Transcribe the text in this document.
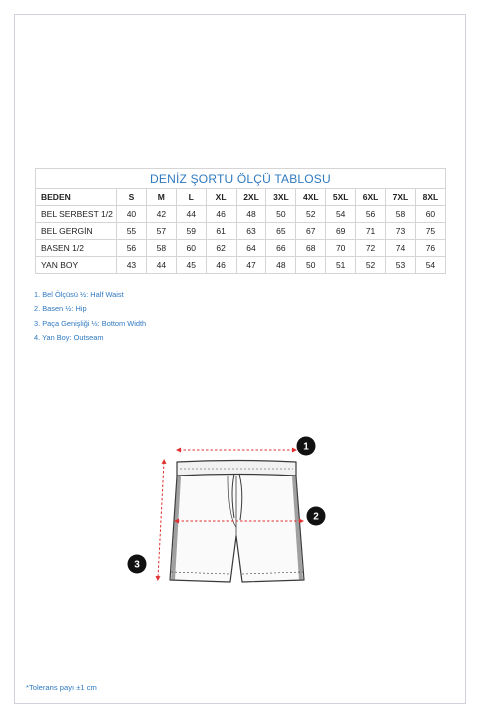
DENİZ ŞORTU ÖLÇÜ TABLOSU											
BEDEN	S	M	L	XL	2XL	3XL	4XL	5XL	6XL	7XL	8XL
BEL SERBEST 1/2	40	42	44	46	48	50	52	54	56	58	60
BEL GERGİN	55	57	59	61	63	65	67	69	71	73	75
BASEN 1/2	56	58	60	62	64	66	68	70	72	74	76
YAN BOY	43	44	45	46	47	48	50	51	52	53	54
1. Bel Ölçüsü ½: Half Waist
2. Basen ½: Hip
3. Paça Genişliği ½: Bottom Width
4. Yan Boy: Outseam
1
2
3
*Tolerans payı ±1 cm
